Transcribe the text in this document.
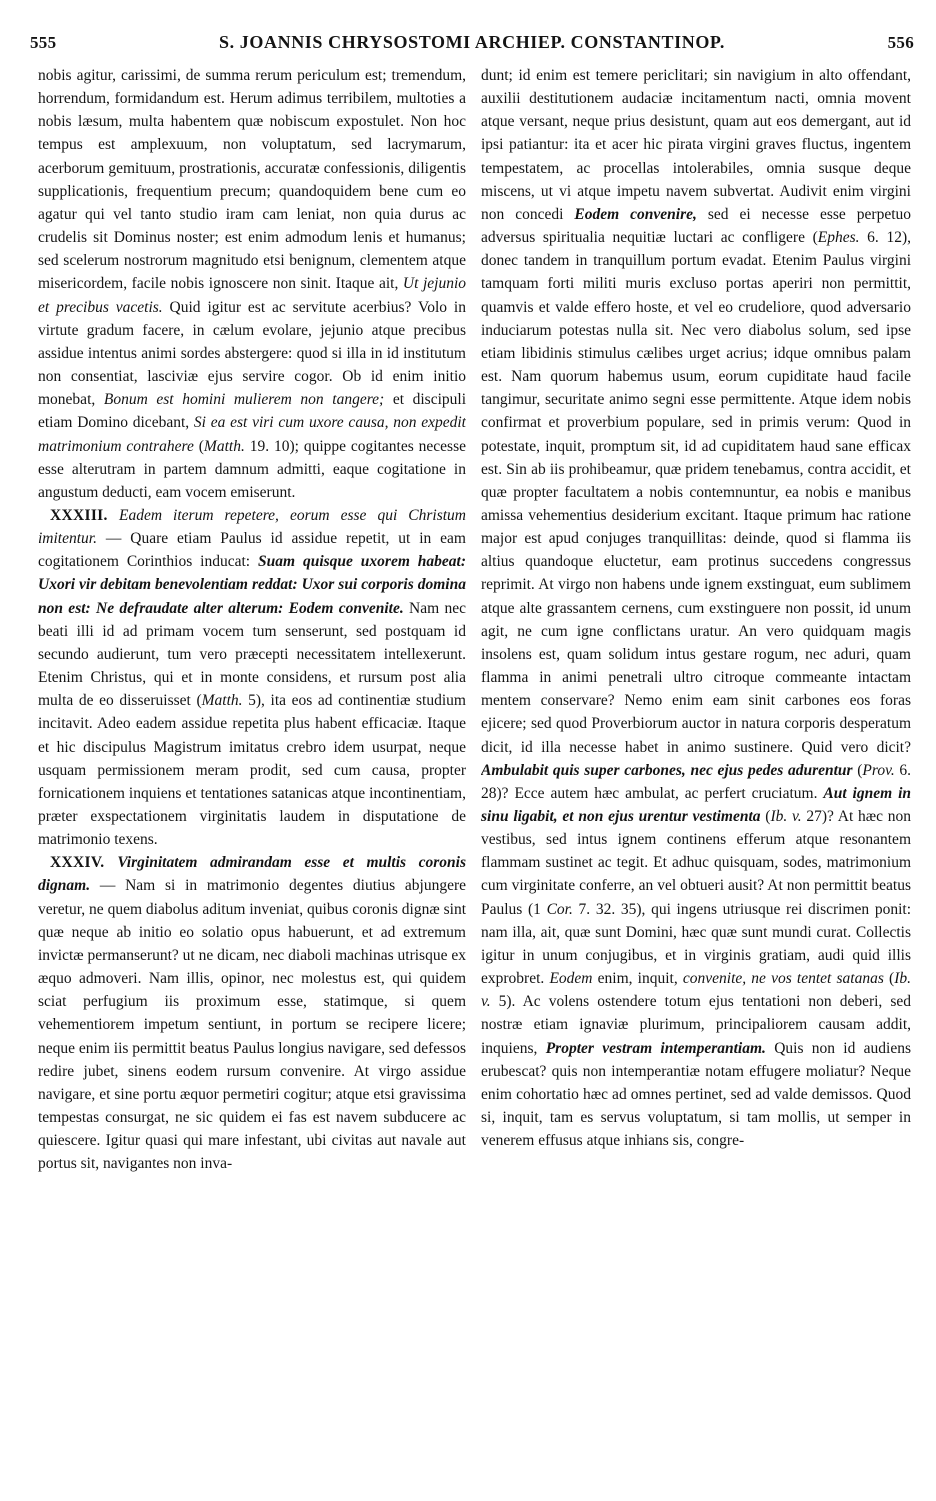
555	S. JOANNIS CHRYSOSTOMI ARCHIEP. CONSTANTINOP.	556

nobis agitur, carissimi, de summa rerum periculum est; tremendum, horrendum, formidandum est. Herum adimus terribilem, multoties a nobis læsum, multa habentem quæ nobiscum expostulet. Non hoc tempus est amplexuum, non voluptatum, sed lacrymarum, acerborum gemituum, prostrationis, accuratæ confessionis, diligentis supplicationis, frequentium precum; quandoquidem bene cum eo agatur qui vel tanto studio iram cam leniat, non quia durus ac crudelis sit Dominus noster; est enim admodum lenis et humanus; sed scelerum nostrorum magnitudo etsi benignum, clementem atque misericordem, facile nobis ignoscere non sinit. Itaque ait, Ut jejunio et precibus vacetis. Quid igitur est ac servitute acerbius? Volo in virtute gradum facere, in cælum evolare, jejunio atque precibus assidue intentus animi sordes abstergere: quod si illa in id institutum non consentiat, lasciviæ ejus servire cogor. Ob id enim initio monebat, Bonum est homini mulierem non tangere; et discipuli etiam Domino dicebant, Si ea est viri cum uxore causa, non expedit matrimonium contrahere (Matth. 19. 10); quippe cogitantes necesse esse alterutram in partem damnum admitti, eaque cogitatione in angustum deducti, eam vocem emiserunt.

XXXIII. Eadem iterum repetere, eorum esse qui Christum imitentur. — Quare etiam Paulus id assidue repetit, ut in eam cogitationem Corinthios inducat: Suam quisque uxorem habeat: Uxori vir debitam benevolentiam reddat: Uxor sui corporis domina non est: Ne defraudate alter alterum: Eodem convenite. Nam nec beati illi id ad primam vocem tum senserunt, sed postquam id secundo audierunt, tum vero præcepti necessitatem intellexerunt. Etenim Christus, qui et in monte considens, et rursum post alia multa de eo disseruisset (Matth. 5), ita eos ad continentiæ studium incitavit. Adeo eadem assidue repetita plus habent efficaciæ. Itaque et hic discipulus Magistrum imitatus crebro idem usurpat, neque usquam permissionem meram prodit, sed cum causa, propter fornicationem inquiens et tentationes satanicas atque incontinentiam, præter exspectationem virginitatis laudem in disputatione de matrimonio texens.

XXXIV. Virginitatem admirandam esse et multis coronis dignam. — Nam si in matrimonio degentes diutius abjungere veretur, ne quem diabolus aditum inveniat, quibus coronis dignæ sint quæ neque ab initio eo solatio opus habuerunt, et ad extremum invictæ permanserunt? ut ne dicam, nec diaboli machinas utrisque ex æquo admoveri. Nam illis, opinor, nec molestus est, qui quidem sciat perfugium iis proximum esse, statimque, si quem vehementiorem impetum sentiunt, in portum se recipere licere; neque enim iis permittit beatus Paulus longius navigare, sed defessos redire jubet, sinens eodem rursum convenire. At virgo assidue navigare, et sine portu æquor permetiri cogitur; atque etsi gravissima tempestas consurgat, ne sic quidem ei fas est navem subducere ac quiescere. Igitur quasi qui mare infestant, ubi civitas aut navale aut portus sit, navigantes non inva-

dunt; id enim est temere periclitari; sin navigium in alto offendant, auxilii destitutionem audaciæ incitamentum nacti, omnia movent atque versant, neque prius desistunt, quam aut eos demergant, aut id ipsi patiantur: ita et acer hic pirata virgini graves fluctus, ingentem tempestatem, ac procellas intolerabiles, omnia susque deque miscens, ut vi atque impetu navem subvertat. Audivit enim virgini non concedi Eodem convenire, sed ei necesse esse perpetuo adversus spiritualia nequitiæ luctari ac confligere (Ephes. 6. 12), donec tandem in tranquillum portum evadat. Etenim Paulus virgini tamquam forti militi muris excluso portas aperiri non permittit, quamvis et valde effero hoste, et vel eo crudeliore, quod adversario induciarum potestas nulla sit. Nec vero diabolus solum, sed ipse etiam libidinis stimulus cælibes urget acrius; idque omnibus palam est. Nam quorum habemus usum, eorum cupiditate haud facile tangimur, securitate animo segni esse permittente. Atque idem nobis confirmat et proverbium populare, sed in primis verum: Quod in potestate, inquit, promptum sit, id ad cupiditatem haud sane efficax est. Sin ab iis prohibeamur, quæ pridem tenebamus, contra accidit, et quæ propter facultatem a nobis contemnuntur, ea nobis e manibus amissa vehementius desiderium excitant. Itaque primum hac ratione major est apud conjuges tranquillitas: deinde, quod si flamma iis altius quandoque eluctetur, eam protinus succedens congressus reprimit. At virgo non habens unde ignem exstinguat, eum sublimem atque alte grassantem cernens, cum exstinguere non possit, id unum agit, ne cum igne conflictans uratur. An vero quidquam magis insolens est, quam solidum intus gestare rogum, nec aduri, quam flamma in animi penetrali ultro citroque commeante intactam mentem conservare? Nemo enim eam sinit carbones eos foras ejicere; sed quod Proverbiorum auctor in natura corporis desperatum dicit, id illa necesse habet in animo sustinere. Quid vero dicit? Ambulabit quis super carbones, nec ejus pedes adurentur (Prov. 6. 28)? Ecce autem hæc ambulat, ac perfert cruciatum. Aut ignem in sinu ligabit, et non ejus urentur vestimenta (Ib. v. 27)? At hæc non vestibus, sed intus ignem continens efferum atque resonantem flammam sustinet ac tegit. Et adhuc quisquam, sodes, matrimonium cum virginitate conferre, an vel obtueri ausit? At non permittit beatus Paulus (1 Cor. 7. 32. 35), qui ingens utriusque rei discrimen ponit: nam illa, ait, quæ sunt Domini, hæc quæ sunt mundi curat. Collectis igitur in unum conjugibus, et in virginis gratiam, audi quid illis exprobret. Eodem enim, inquit, convenite, ne vos tentet satanas (Ib. v. 5). Ac volens ostendere totum ejus tentationi non deberi, sed nostræ etiam ignaviæ plurimum, principaliorem causam addit, inquiens, Propter vestram intemperantiam. Quis non id audiens erubescat? quis non intemperantiæ notam effugere moliatur? Neque enim cohortatio hæc ad omnes pertinet, sed ad valde demissos. Quod si, inquit, tam es servus voluptatum, si tam mollis, ut semper in venerem effusus atque inhians sis, congre-
